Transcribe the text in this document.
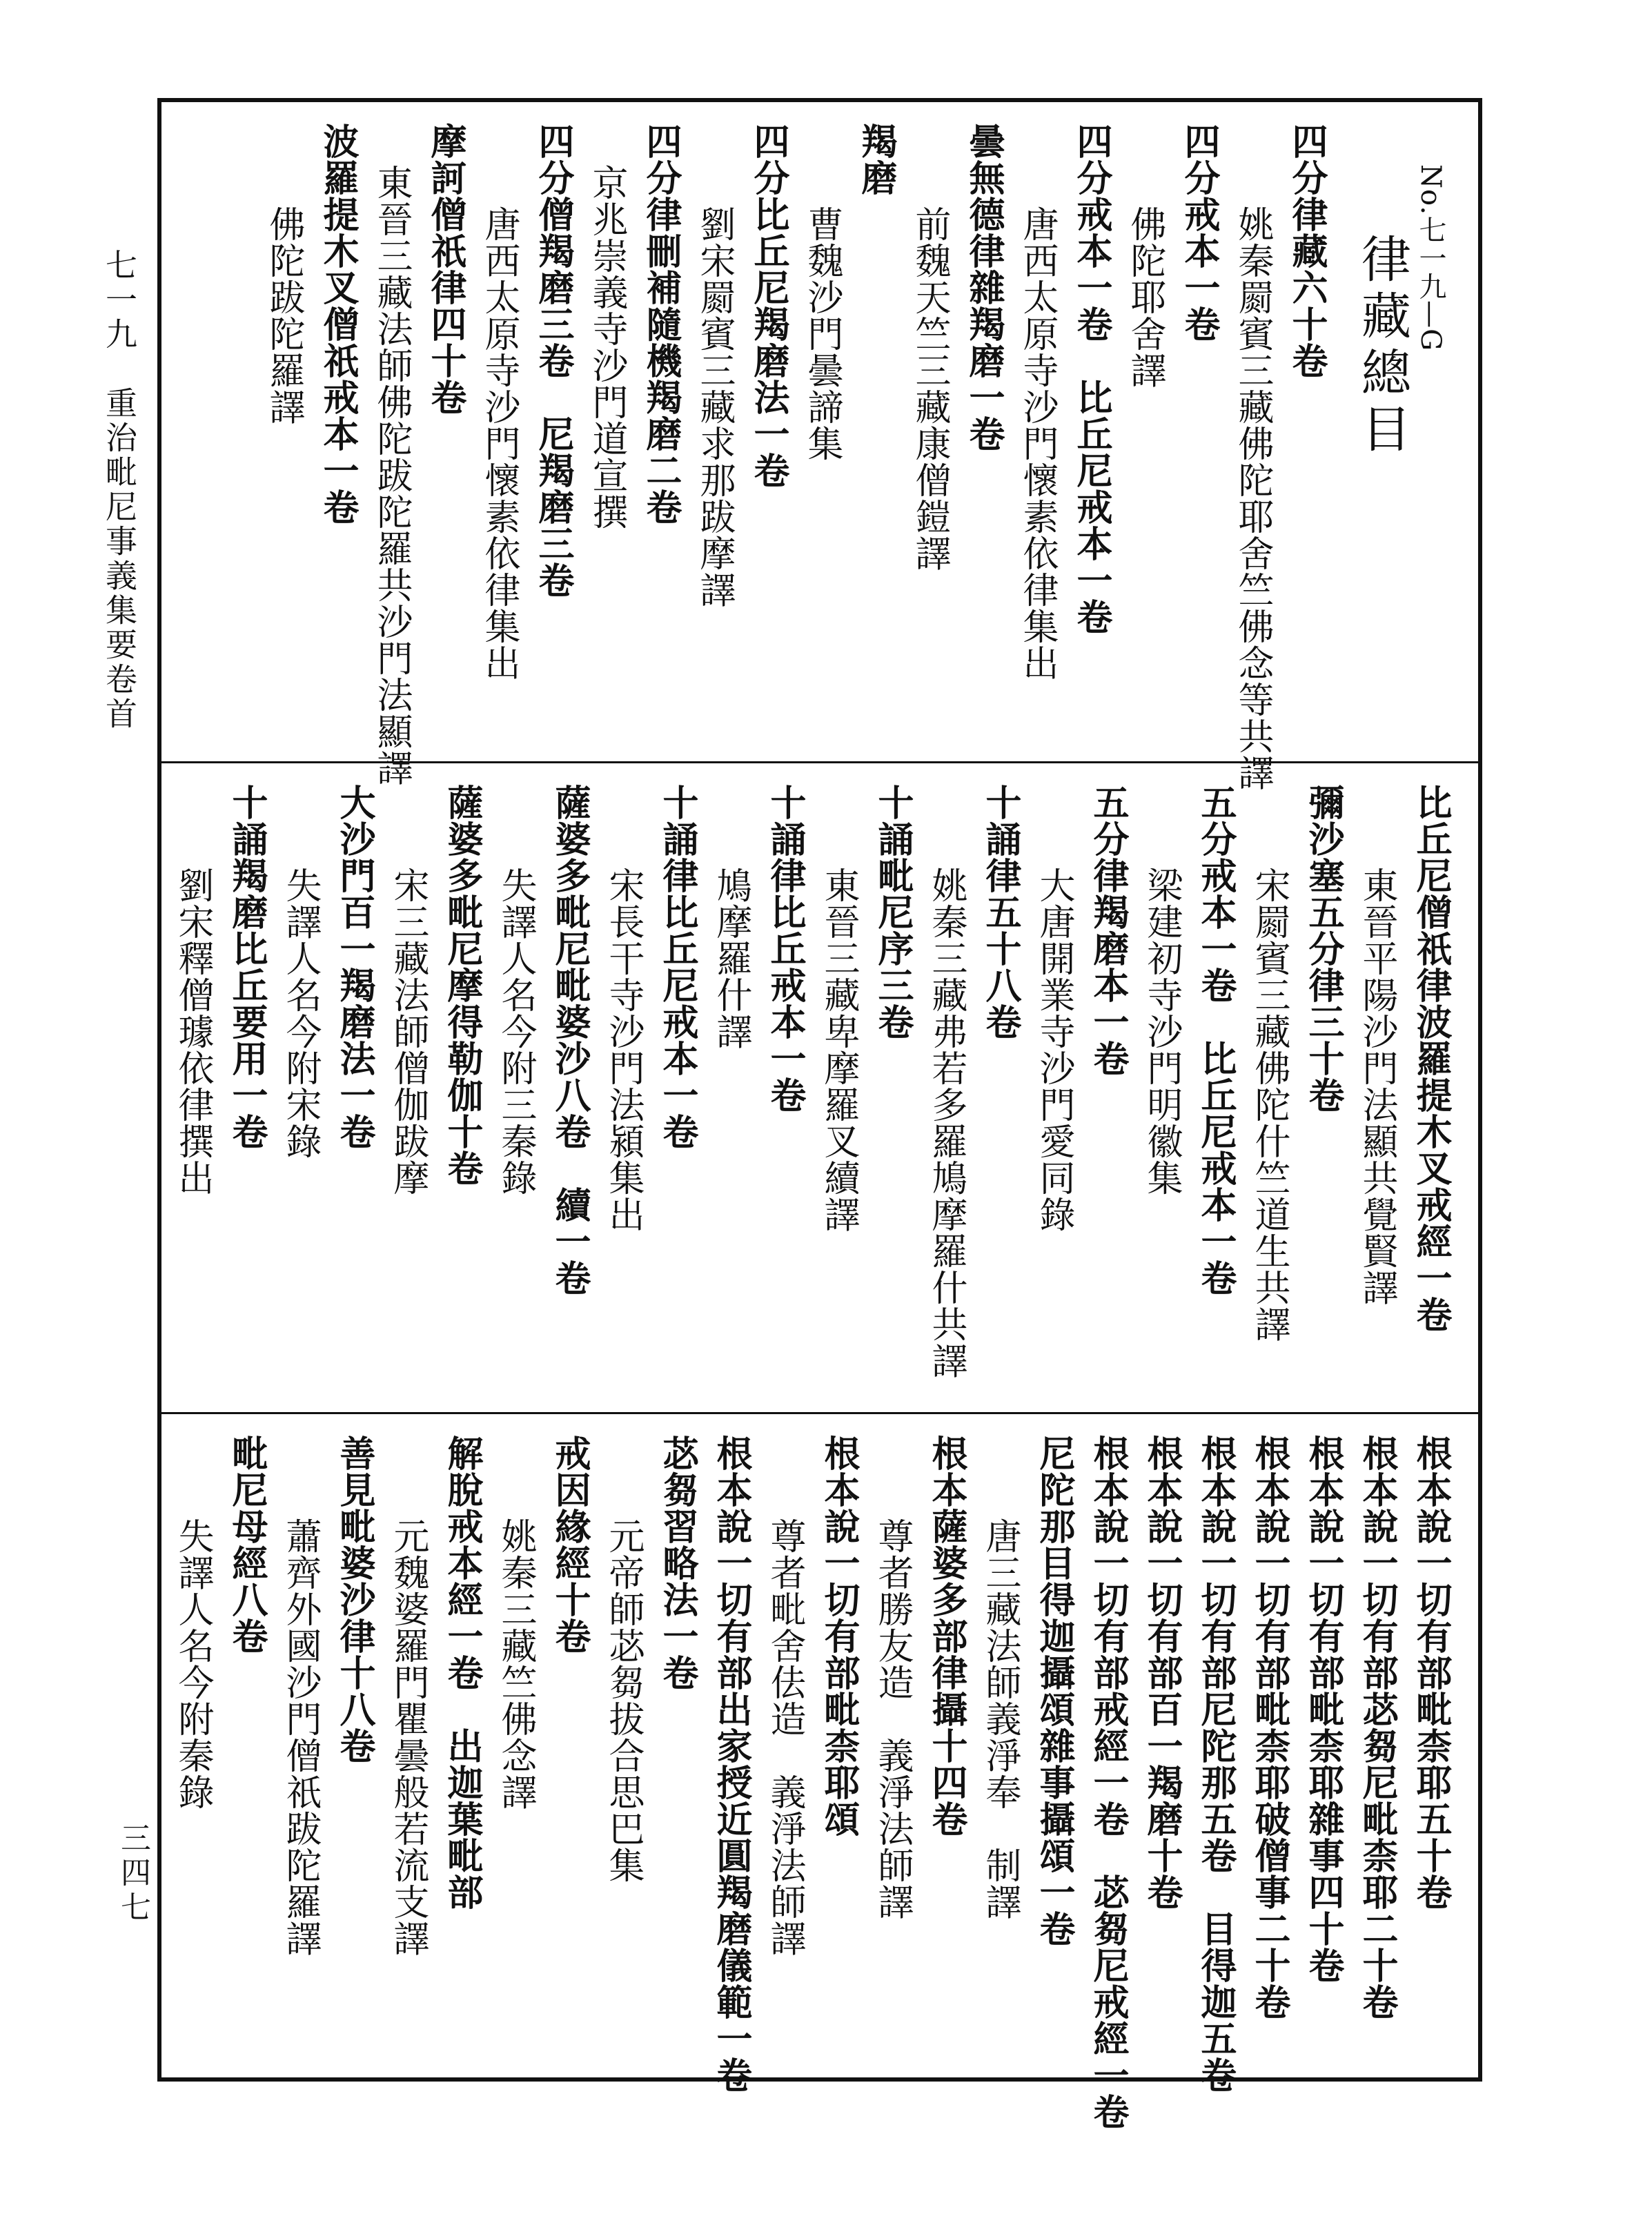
七一九　重治毗尼事義集要卷首
三四七
No.七一九—G
律藏總目
四分律藏六十卷
姚秦罽賓三藏佛陀耶舍竺佛念等共譯
四分戒本一卷
佛陀耶舍譯
四分戒本一卷　比丘尼戒本一卷
唐西太原寺沙門懷素依律集出
曇無德律雜羯磨一卷
前魏天竺三藏康僧鎧譯
羯磨
曹魏沙門曇諦集
四分比丘尼羯磨法一卷
劉宋罽賓三藏求那跋摩譯
四分律刪補隨機羯磨二卷
京兆崇義寺沙門道宣撰
四分僧羯磨三卷　尼羯磨三卷
唐西太原寺沙門懷素依律集出
摩訶僧祇律四十卷
東晉三藏法師佛陀跋陀羅共沙門法顯譯
波羅提木叉僧祇戒本一卷
佛陀跋陀羅譯
比丘尼僧祇律波羅提木叉戒經一卷
東晉平陽沙門法顯共覺賢譯
彌沙塞五分律三十卷
宋罽賓三藏佛陀什竺道生共譯
五分戒本一卷　比丘尼戒本一卷
梁建初寺沙門明徽集
五分律羯磨本一卷
大唐開業寺沙門愛同錄
十誦律五十八卷
姚秦三藏弗若多羅鳩摩羅什共譯
十誦毗尼序三卷
東晉三藏卑摩羅叉續譯
十誦律比丘戒本一卷
鳩摩羅什譯
十誦律比丘尼戒本一卷
宋長干寺沙門法潁集出
薩婆多毗尼毗婆沙八卷　續一卷
失譯人名今附三秦錄
薩婆多毗尼摩得勒伽十卷
宋三藏法師僧伽跋摩
大沙門百一羯磨法一卷
失譯人名今附宋錄
十誦羯磨比丘要用一卷
劉宋釋僧璩依律撰出
根本說一切有部毗柰耶五十卷
根本說一切有部苾芻尼毗柰耶二十卷
根本說一切有部毗柰耶雜事四十卷
根本說一切有部毗柰耶破僧事二十卷
根本說一切有部尼陀那五卷　目得迦五卷
根本說一切有部百一羯磨十卷
根本說一切有部戒經一卷　苾芻尼戒經一卷
尼陀那目得迦攝頌雜事攝頌一卷
唐三藏法師義淨奉　制譯
根本薩婆多部律攝十四卷
尊者勝友造　義淨法師譯
根本說一切有部毗柰耶頌
尊者毗舍佉造　義淨法師譯
根本說一切有部出家授近圓羯磨儀範一卷
苾芻習略法一卷
元帝師苾芻拔合思巴集
戒因緣經十卷
姚秦三藏竺佛念譯
解脫戒本經一卷　出迦葉毗部
元魏婆羅門瞿曇般若流支譯
善見毗婆沙律十八卷
蕭齊外國沙門僧祇跋陀羅譯
毗尼母經八卷
失譯人名今附秦錄
